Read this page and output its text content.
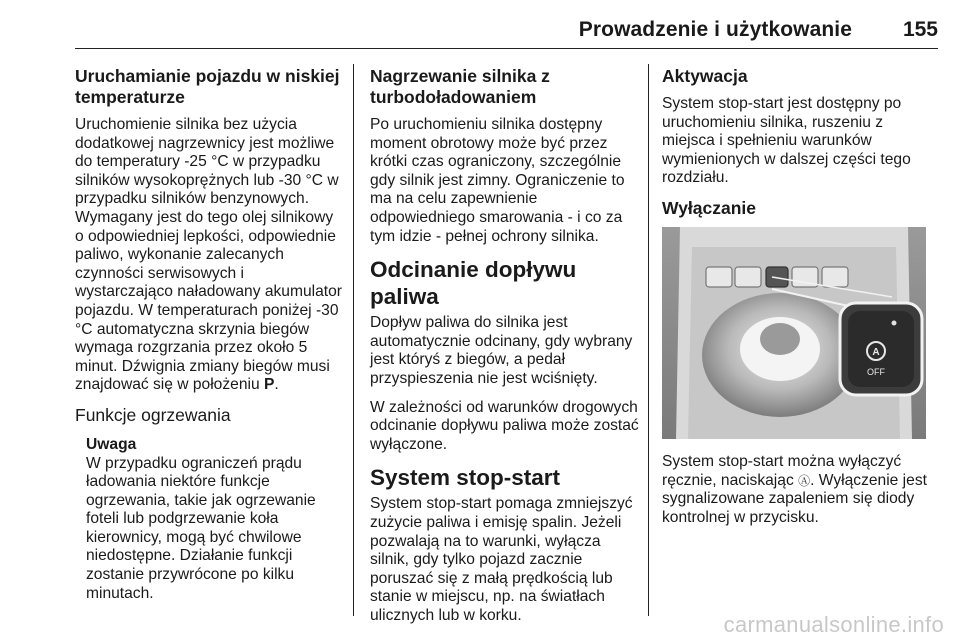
Prowadzenie i użytkowanie 155
Uruchamianie pojazdu w niskiej temperaturze

Uruchomienie silnika bez użycia dodatkowej nagrzewnicy jest możliwe do temperatury -25 °C w przypadku silników wysokoprężnych lub -30 °C w przypadku silników benzynowych. Wymagany jest do tego olej silnikowy o odpowiedniej lepkości, odpowiednie paliwo, wykonanie zalecanych czynności serwisowych i wystarczająco naładowany akumulator pojazdu. W temperaturach poniżej -30 °C automatyczna skrzynia biegów wymaga rozgrzania przez około 5 minut. Dźwignia zmiany biegów musi znajdować się w położeniu P.

Funkcje ogrzewania
Uwaga

W przypadku ograniczeń prądu ładowania niektóre funkcje ogrzewania, takie jak ogrzewanie foteli lub podgrzewanie koła kierownicy, mogą być chwilowe niedostępne. Działanie funkcji zostanie przywrócone po kilku minutach.

Nagrzewanie silnika z turbodoładowaniem

Po uruchomieniu silnika dostępny moment obrotowy może być przez krótki czas ograniczony, szczególnie gdy silnik jest zimny. Ograniczenie to ma na celu zapewnienie odpowiedniego smarowania - i co za tym idzie - pełnej ochrony silnika.

Odcinanie dopływu paliwa

Dopływ paliwa do silnika jest automatycznie odcinany, gdy wybrany jest któryś z biegów, a pedał przyspieszenia nie jest wciśnięty.

W zależności od warunków drogowych odcinanie dopływu paliwa może zostać wyłączone.

System stop-start

System stop-start pomaga zmniejszyć zużycie paliwa i emisję spalin. Jeżeli pozwalają na to warunki, wyłącza silnik, gdy tylko pojazd zacznie poruszać się z małą prędkością lub stanie w miejscu, np. na światłach ulicznych lub w korku.

Aktywacja

System stop-start jest dostępny po uruchomieniu silnika, ruszeniu z miejsca i spełnieniu warunków wymienionych w dalszej części tego rozdziału.

Wyłączanie
A
OFF

System stop-start można wyłączyć ręcznie, naciskając Ⓐ. Wyłączenie jest sygnalizowane zapaleniem się diody kontrolnej w przycisku.

carmanualsonline.info
